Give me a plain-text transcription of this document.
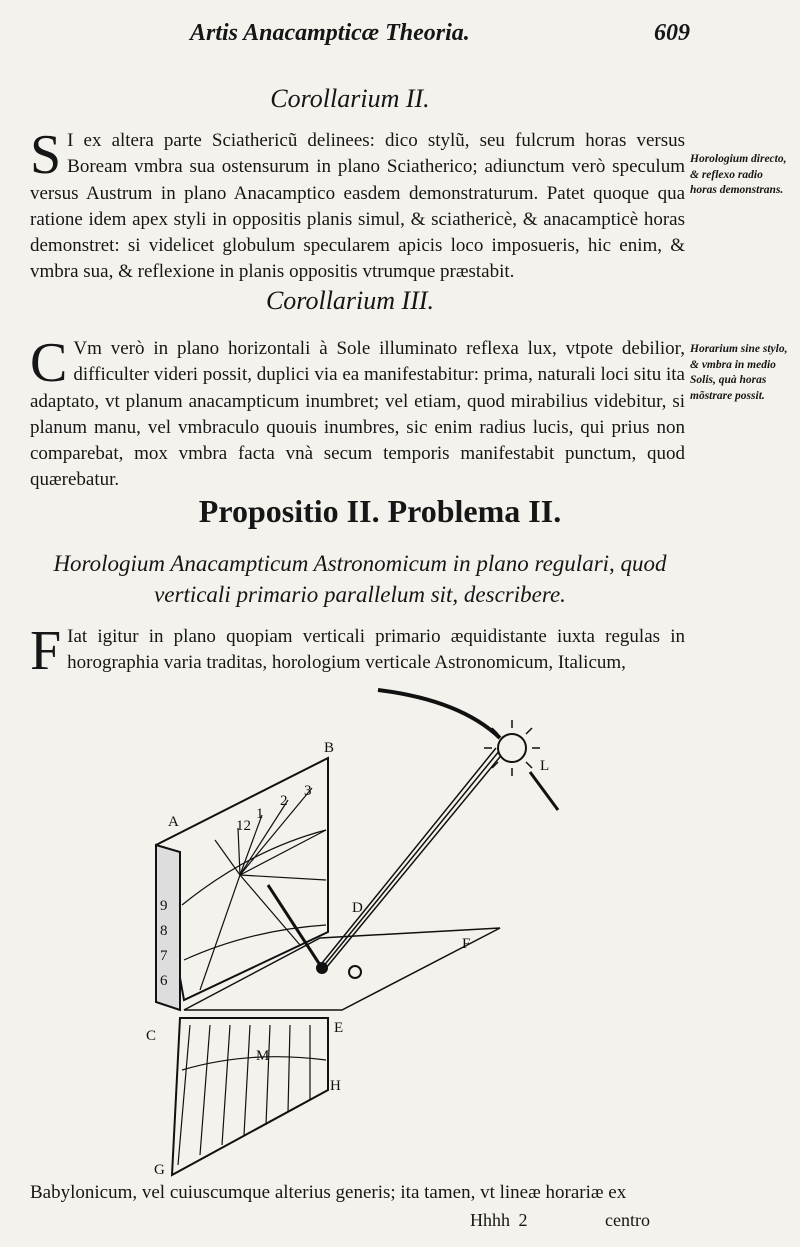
Artis Anacampticæ Theoria.	609
Corollarium II.
S I ex altera parte Sciathericũ delinees: dico stylũ, seu fulcrum horas versus Boream vmbra sua ostensurum in plano Sciatherico; adiunctum verò speculum versus Austrum in plano Anacamptico easdem demonstraturum. Patet quoque qua ratione idem apex styli in oppositis planis simul, & sciathericè, & anacampticè horas demonstret: si videlicet globulum specularem apicis loco imposueris, hic enim, & vmbra sua, & reflexione in planis oppositis vtrumque præstabit.
Horologium directo, & reflexo radio horas demonstrans.
Corollarium III.
C Vm verò in plano horizontali à Sole illuminato reflexa lux, vtpote debilior, difficulter videri possit, duplici via ea manifestabitur: prima, naturali loci situ ita adaptato, vt planum anacampticum inumbret; vel etiam, quod mirabilius videbitur, si planum manu, vel vmbraculo quouis inumbres, sic enim radius lucis, qui prius non comparebat, mox vmbra facta vnà secum temporis manifestabit punctum, quod quærebatur.
Horarium sine stylo, & vmbra in medio Solis, quà horas mõstrare possit.
Propositio II. Problema II.
Horologium Anacampticum Astronomicum in plano regulari, quod verticali primario parallelum sit, describere.
F Iat igitur in plano quopiam verticali primario æquidistante iuxta regulas in horographia varia traditas, horologium verticale Astronomicum, Italicum,
12
1
2
3
6
7
8
9
A
B
C
D
E
F
G
H
L
M
Babylonicum, vel cuiuscumque alterius generis; ita tamen, vt lineæ horariæ ex
Hhhh 2	centro
